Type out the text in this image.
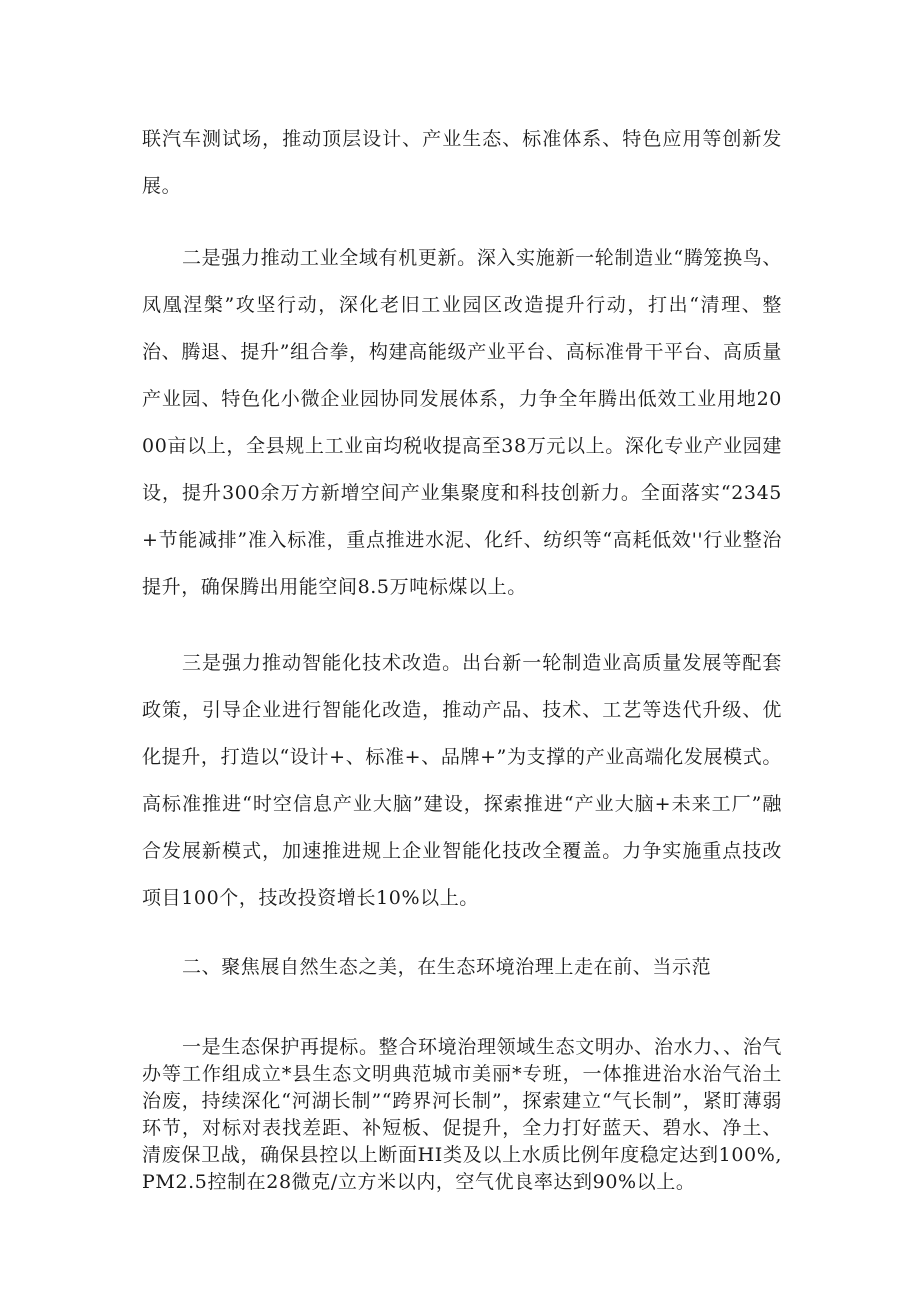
联汽车测试场，推动顶层设计、产业生态、标准体系、特色应用等创新发展。

二是强力推动工业全域有机更新。深入实施新一轮制造业“腾笼换鸟、凤凰涅槃”攻坚行动，深化老旧工业园区改造提升行动，打出“清理、整治、腾退、提升”组合拳，构建高能级产业平台、高标准骨干平台、高质量产业园、特色化小微企业园协同发展体系，力争全年腾出低效工业用地2000亩以上，全县规上工业亩均税收提高至38万元以上。深化专业产业园建设，提升300余万方新增空间产业集聚度和科技创新力。全面落实“2345+节能减排”准入标准，重点推进水泥、化纤、纺织等“高耗低效''行业整治提升，确保腾出用能空间8.5万吨标煤以上。

三是强力推动智能化技术改造。出台新一轮制造业高质量发展等配套政策，引导企业进行智能化改造，推动产品、技术、工艺等迭代升级、优化提升，打造以“设计+、标准+、品牌+”为支撑的产业高端化发展模式。高标准推进“时空信息产业大脑”建设，探索推进“产业大脑+未来工厂”融合发展新模式，加速推进规上企业智能化技改全覆盖。力争实施重点技改项目100个，技改投资增长10%以上。

二、聚焦展自然生态之美，在生态环境治理上走在前、当示范

一是生态保护再提标。整合环境治理领域生态文明办、治水力、、治气办等工作组成立*县生态文明典范城市美丽*专班，一体推进治水治气治土治废，持续深化“河湖长制”“跨界河长制”，探索建立“气长制”，紧盯薄弱环节，对标对表找差距、补短板、促提升，全力打好蓝天、碧水、净土、清废保卫战，确保县控以上断面HI类及以上水质比例年度稳定达到100%,PM2.5控制在28微克/立方米以内，空气优良率达到90%以上。
